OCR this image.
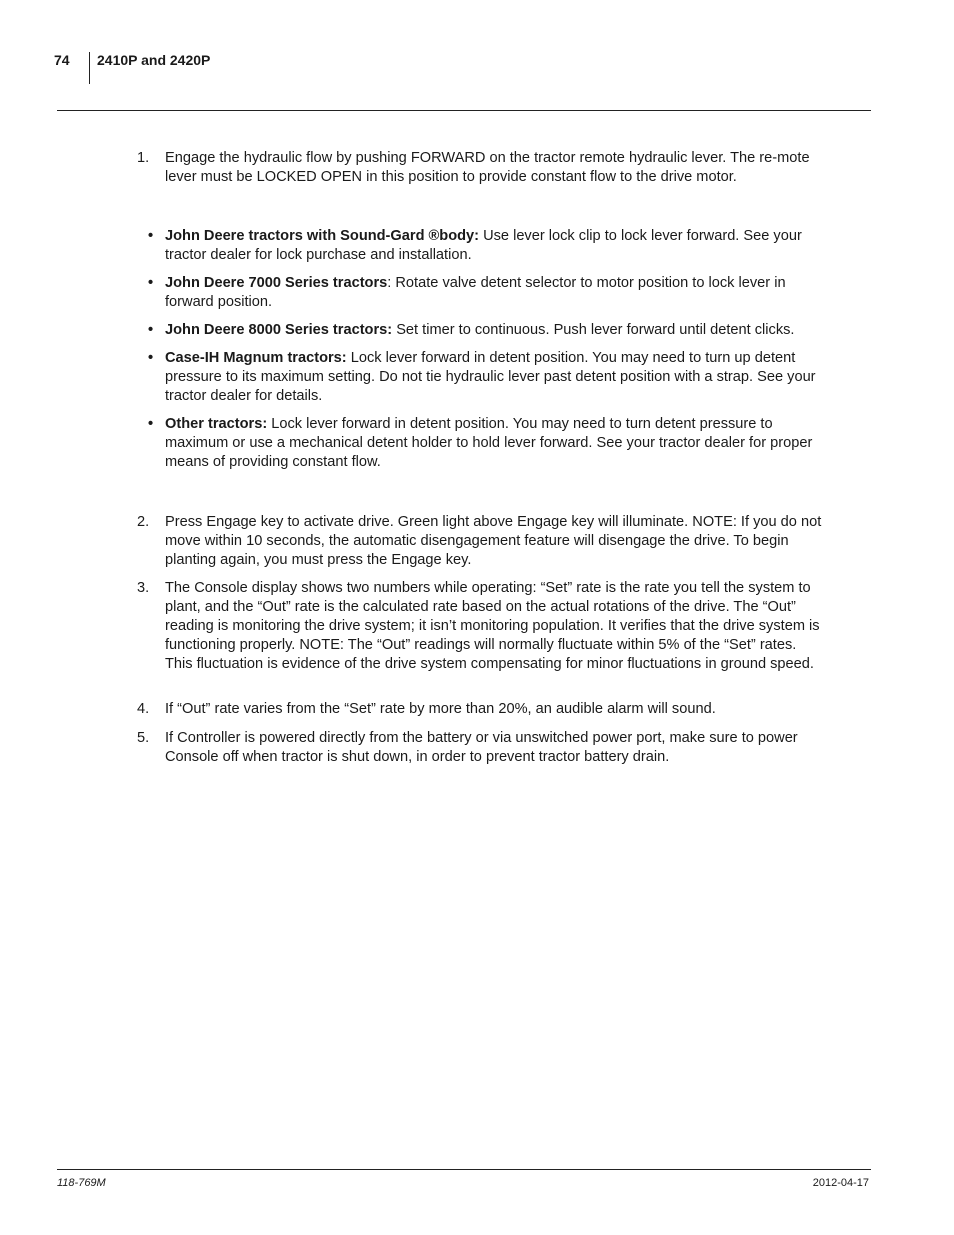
74 2410P and 2420P
1. Engage the hydraulic flow by pushing FORWARD on the tractor remote hydraulic lever. The re-mote lever must be LOCKED OPEN in this position to provide constant flow to the drive motor.
• John Deere tractors with Sound-Gard ®body: Use lever lock clip to lock lever forward. See your tractor dealer for lock purchase and installation.
• John Deere 7000 Series tractors: Rotate valve detent selector to motor position to lock lever in forward position.
• John Deere 8000 Series tractors: Set timer to continuous. Push lever forward until detent clicks.
• Case-IH Magnum tractors: Lock lever forward in detent position. You may need to turn up detent pressure to its maximum setting. Do not tie hydraulic lever past detent position with a strap. See your tractor dealer for details.
• Other tractors: Lock lever forward in detent position. You may need to turn detent pressure to maximum or use a mechanical detent holder to hold lever forward. See your tractor dealer for proper means of providing constant flow.
2. Press Engage key to activate drive. Green light above Engage key will illuminate. NOTE: If you do not move within 10 seconds, the automatic disengagement feature will disengage the drive. To begin planting again, you must press the Engage key.
3. The Console display shows two numbers while operating: “Set” rate is the rate you tell the system to plant, and the “Out” rate is the calculated rate based on the actual rotations of the drive. The “Out” reading is monitoring the drive system; it isn’t monitoring population. It verifies that the drive system is functioning properly. NOTE: The “Out” readings will normally fluctuate within 5% of the “Set” rates. This fluctuation is evidence of the drive system compensating for minor fluctuations in ground speed.
4. If “Out” rate varies from the “Set” rate by more than 20%, an audible alarm will sound.
5. If Controller is powered directly from the battery or via unswitched power port, make sure to power Console off when tractor is shut down, in order to prevent tractor battery drain.
118-769M	2012-04-17
